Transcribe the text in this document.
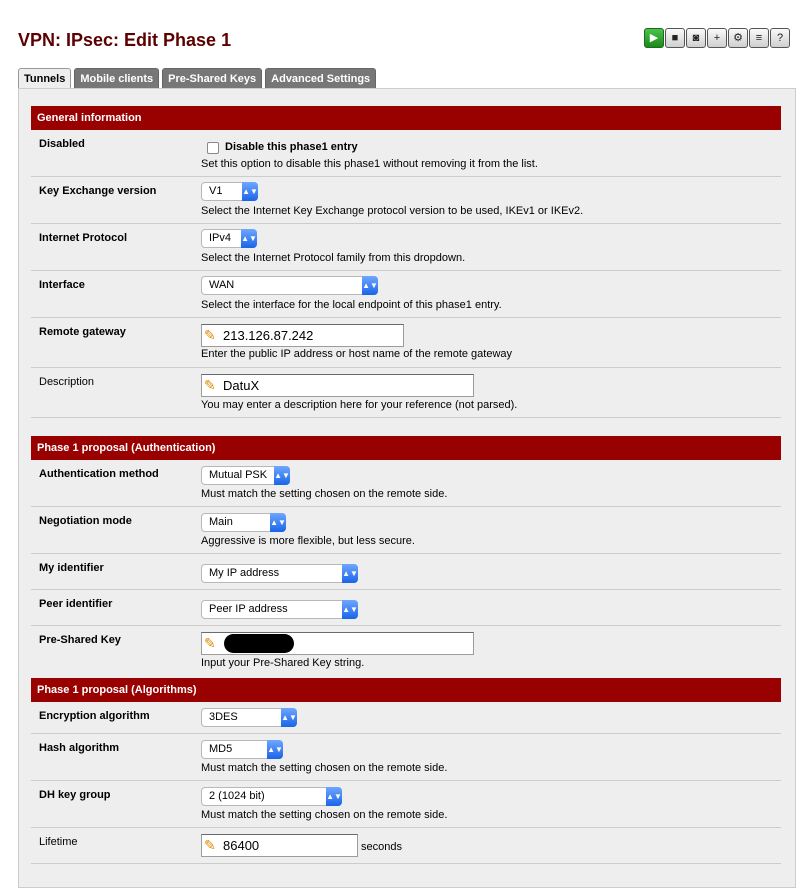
VPN: IPsec: Edit Phase 1	▶	■	◙	+	⚙	≡	?
Tunnels	Mobile clients	Pre-Shared Keys	Advanced Settings
General information
Disabled	Disable this phase1 entry
Set this option to disable this phase1 without removing it from the list.
Key Exchange version	V1 ▲▼
Select the Internet Key Exchange protocol version to be used, IKEv1 or IKEv2.
Internet Protocol	IPv4 ▲▼
Select the Internet Protocol family from this dropdown.
Interface	WAN	▲▼
Select the interface for the local endpoint of this phase1 entry.
Remote gateway	✎ 213.126.87.242
Enter the public IP address or host name of the remote gateway
Description	✎ DatuX
You may enter a description here for your reference (not parsed).
Phase 1 proposal (Authentication)
Authentication method	Mutual PSK ▲▼
Must match the setting chosen on the remote side.
Negotiation mode	Main	▲▼
Aggressive is more flexible, but less secure.
My identifier	My IP address	▲▼
Peer identifier	Peer IP address	▲▼
Pre-Shared Key	✎
Input your Pre-Shared Key string.
Phase 1 proposal (Algorithms)
Encryption algorithm	3DES	▲▼
Hash algorithm	MD5	▲▼
Must match the setting chosen on the remote side.
DH key group	2 (1024 bit)	▲▼
Must match the setting chosen on the remote side.
Lifetime	✎ 86400	seconds
